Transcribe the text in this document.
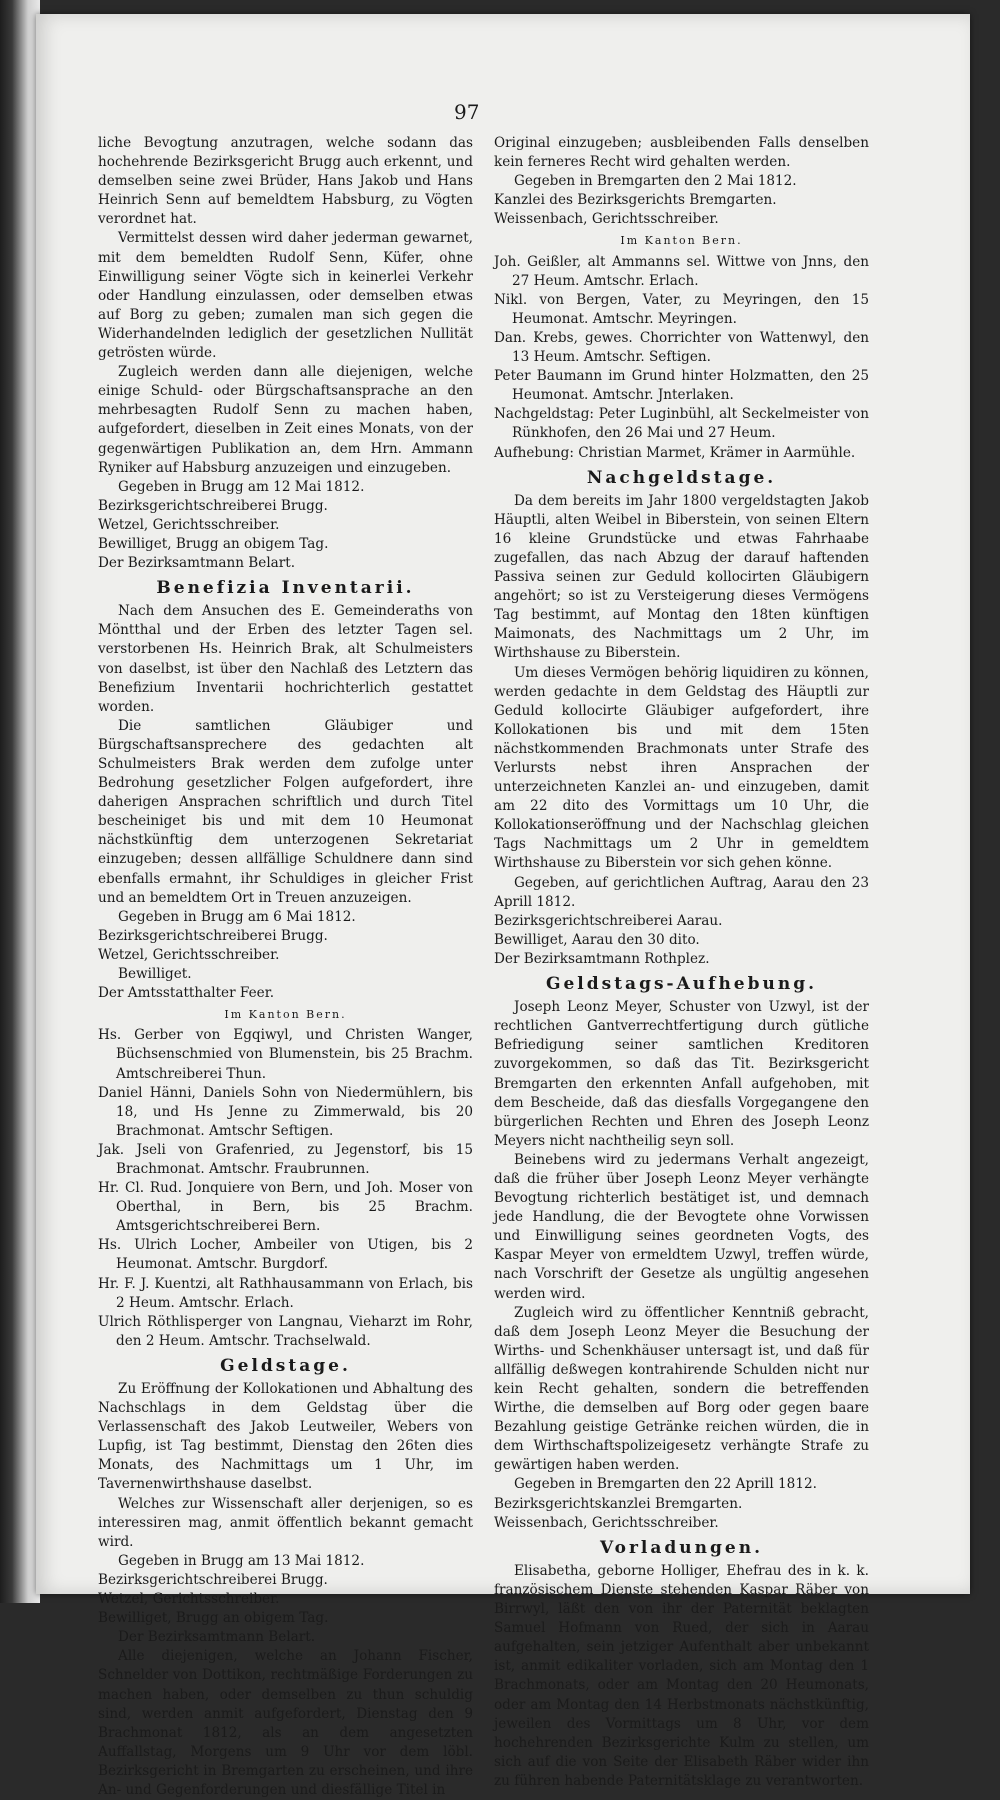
97

liche Bevogtung anzutragen, welche sodann das hochehrende Bezirksgericht Brugg auch erkennt, und demselben seine zwei Brüder, Hans Jakob und Hans Heinrich Senn auf bemeldtem Habsburg, zu Vögten verordnet hat.

Vermittelst dessen wird daher jederman gewarnet, mit dem bemeldten Rudolf Senn, Küfer, ohne Einwilligung seiner Vögte sich in keinerlei Verkehr oder Handlung einzulassen, oder demselben etwas auf Borg zu geben; zumalen man sich gegen die Widerhandelnden lediglich der gesetzlichen Nullität getrösten würde.

Zugleich werden dann alle diejenigen, welche einige Schuld- oder Bürgschaftsansprache an den mehrbesagten Rudolf Senn zu machen haben, aufgefordert, dieselben in Zeit eines Monats, von der gegenwärtigen Publikation an, dem Hrn. Ammann Ryniker auf Habsburg anzuzeigen und einzugeben.

Gegeben in Brugg am 12 Mai 1812.

Bezirksgerichtschreiberei Brugg.

Wetzel, Gerichtsschreiber.

Bewilliget, Brugg an obigem Tag.

Der Bezirksamtmann Belart.

Benefizia Inventarii.

Nach dem Ansuchen des E. Gemeinderaths von Möntthal und der Erben des letzter Tagen sel. verstorbenen Hs. Heinrich Brak, alt Schulmeisters von daselbst, ist über den Nachlaß des Letztern das Benefizium Inventarii hochrichterlich gestattet worden.

Die samtlichen Gläubiger und Bürgschaftsansprechere des gedachten alt Schulmeisters Brak werden dem zufolge unter Bedrohung gesetzlicher Folgen aufgefordert, ihre daherigen Ansprachen schriftlich und durch Titel bescheiniget bis und mit dem 10 Heumonat nächstkünftig dem unterzogenen Sekretariat einzugeben; dessen allfällige Schuldnere dann sind ebenfalls ermahnt, ihr Schuldiges in gleicher Frist und an bemeldtem Ort in Treuen anzuzeigen.

Gegeben in Brugg am 6 Mai 1812.

Bezirksgerichtschreiberei Brugg.

Wetzel, Gerichtsschreiber.

Bewilliget.

Der Amtsstatthalter Feer.

Im Kanton Bern.

Hs. Gerber von Egqiwyl, und Christen Wanger, Büchsenschmied von Blumenstein, bis 25 Brachm. Amtschreiberei Thun.

Daniel Hänni, Daniels Sohn von Niedermühlern, bis 18, und Hs Jenne zu Zimmerwald, bis 20 Brachmonat. Amtschr Seftigen.

Jak. Jseli von Grafenried, zu Jegenstorf, bis 15 Brachmonat. Amtschr. Fraubrunnen.

Hr. Cl. Rud. Jonquiere von Bern, und Joh. Moser von Oberthal, in Bern, bis 25 Brachm. Amtsgerichtschreiberei Bern.

Hs. Ulrich Locher, Ambeiler von Utigen, bis 2 Heumonat. Amtschr. Burgdorf.

Hr. F. J. Kuentzi, alt Rathhausammann von Erlach, bis 2 Heum. Amtschr. Erlach.

Ulrich Röthlisperger von Langnau, Vieharzt im Rohr, den 2 Heum. Amtschr. Trachselwald.

Geldstage.

Zu Eröffnung der Kollokationen und Abhaltung des Nachschlags in dem Geldstag über die Verlassenschaft des Jakob Leutweiler, Webers von Lupfig, ist Tag bestimmt, Dienstag den 26ten dies Monats, des Nachmittags um 1 Uhr, im Tavernenwirthshause daselbst.

Welches zur Wissenschaft aller derjenigen, so es interessiren mag, anmit öffentlich bekannt gemacht wird.

Gegeben in Brugg am 13 Mai 1812.

Bezirksgerichtschreiberei Brugg.

Wetzel, Gerichtsschreiber.

Bewilliget, Brugg an obigem Tag.

Der Bezirksamtmann Belart.

Alle diejenigen, welche an Johann Fischer, Schnelder von Dottikon, rechtmäßige Forderungen zu machen haben, oder demselben zu thun schuldig sind, werden anmit aufgefordert, Dienstag den 9 Brachmonat 1812, als an dem angesetzten Auffallstag, Morgens um 9 Uhr vor dem löbl. Bezirksgericht in Bremgarten zu erscheinen, und ihre An- und Gegenforderungen und diesfällige Titel in

Original einzugeben; ausbleibenden Falls denselben kein ferneres Recht wird gehalten werden.

Gegeben in Bremgarten den 2 Mai 1812.

Kanzlei des Bezirksgerichts Bremgarten.

Weissenbach, Gerichtsschreiber.

Im Kanton Bern.

Joh. Geißler, alt Ammanns sel. Wittwe von Jnns, den 27 Heum. Amtschr. Erlach.

Nikl. von Bergen, Vater, zu Meyringen, den 15 Heumonat. Amtschr. Meyringen.

Dan. Krebs, gewes. Chorrichter von Wattenwyl, den 13 Heum. Amtschr. Seftigen.

Peter Baumann im Grund hinter Holzmatten, den 25 Heumonat. Amtschr. Jnterlaken.

Nachgeldstag: Peter Luginbühl, alt Seckelmeister von Rünkhofen, den 26 Mai und 27 Heum.

Aufhebung: Christian Marmet, Krämer in Aarmühle.

Nachgeldstage.

Da dem bereits im Jahr 1800 vergeldstagten Jakob Häuptli, alten Weibel in Biberstein, von seinen Eltern 16 kleine Grundstücke und etwas Fahrhaabe zugefallen, das nach Abzug der darauf haftenden Passiva seinen zur Geduld kollocirten Gläubigern angehört; so ist zu Versteigerung dieses Vermögens Tag bestimmt, auf Montag den 18ten künftigen Maimonats, des Nachmittags um 2 Uhr, im Wirthshause zu Biberstein.

Um dieses Vermögen behörig liquidiren zu können, werden gedachte in dem Geldstag des Häuptli zur Geduld kollocirte Gläubiger aufgefordert, ihre Kollokationen bis und mit dem 15ten nächstkommenden Brachmonats unter Strafe des Verlursts nebst ihren Ansprachen der unterzeichneten Kanzlei an- und einzugeben, damit am 22 dito des Vormittags um 10 Uhr, die Kollokationseröffnung und der Nachschlag gleichen Tags Nachmittags um 2 Uhr in gemeldtem Wirthshause zu Biberstein vor sich gehen könne.

Gegeben, auf gerichtlichen Auftrag, Aarau den 23 Aprill 1812.

Bezirksgerichtschreiberei Aarau.

Bewilliget, Aarau den 30 dito.

Der Bezirksamtmann Rothplez.

Geldstags-Aufhebung.

Joseph Leonz Meyer, Schuster von Uzwyl, ist der rechtlichen Gantverrechtfertigung durch gütliche Befriedigung seiner samtlichen Kreditoren zuvorgekommen, so daß das Tit. Bezirksgericht Bremgarten den erkennten Anfall aufgehoben, mit dem Bescheide, daß das diesfalls Vorgegangene den bürgerlichen Rechten und Ehren des Joseph Leonz Meyers nicht nachtheilig seyn soll.

Beinebens wird zu jedermans Verhalt angezeigt, daß die früher über Joseph Leonz Meyer verhängte Bevogtung richterlich bestätiget ist, und demnach jede Handlung, die der Bevogtete ohne Vorwissen und Einwilligung seines geordneten Vogts, des Kaspar Meyer von ermeldtem Uzwyl, treffen würde, nach Vorschrift der Gesetze als ungültig angesehen werden wird.

Zugleich wird zu öffentlicher Kenntniß gebracht, daß dem Joseph Leonz Meyer die Besuchung der Wirths- und Schenkhäuser untersagt ist, und daß für allfällig deßwegen kontrahirende Schulden nicht nur kein Recht gehalten, sondern die betreffenden Wirthe, die demselben auf Borg oder gegen baare Bezahlung geistige Getränke reichen würden, die in dem Wirthschaftspolizeigesetz verhängte Strafe zu gewärtigen haben werden.

Gegeben in Bremgarten den 22 Aprill 1812.

Bezirksgerichtskanzlei Bremgarten.

Weissenbach, Gerichtsschreiber.

Vorladungen.

Elisabetha, geborne Holliger, Ehefrau des in k. k. französischem Dienste stehenden Kaspar Räber von Birrwyl, läßt den von ihr der Paternität beklagten Samuel Hofmann von Rued, der sich in Aarau aufgehalten, sein jetziger Aufenthalt aber unbekannt ist, anmit edikaliter vorladen, sich am Montag den 1 Brachmonats, oder am Montag den 20 Heumonats, oder am Montag den 14 Herbstmonats nächstkünftig, jeweilen des Vormittags um 8 Uhr, vor dem hochehrenden Bezirksgerichte Kulm zu stellen, um sich auf die von Seite der Elisabeth Räber wider ihn zu führen habende Paternitätsklage zu verantworten.
